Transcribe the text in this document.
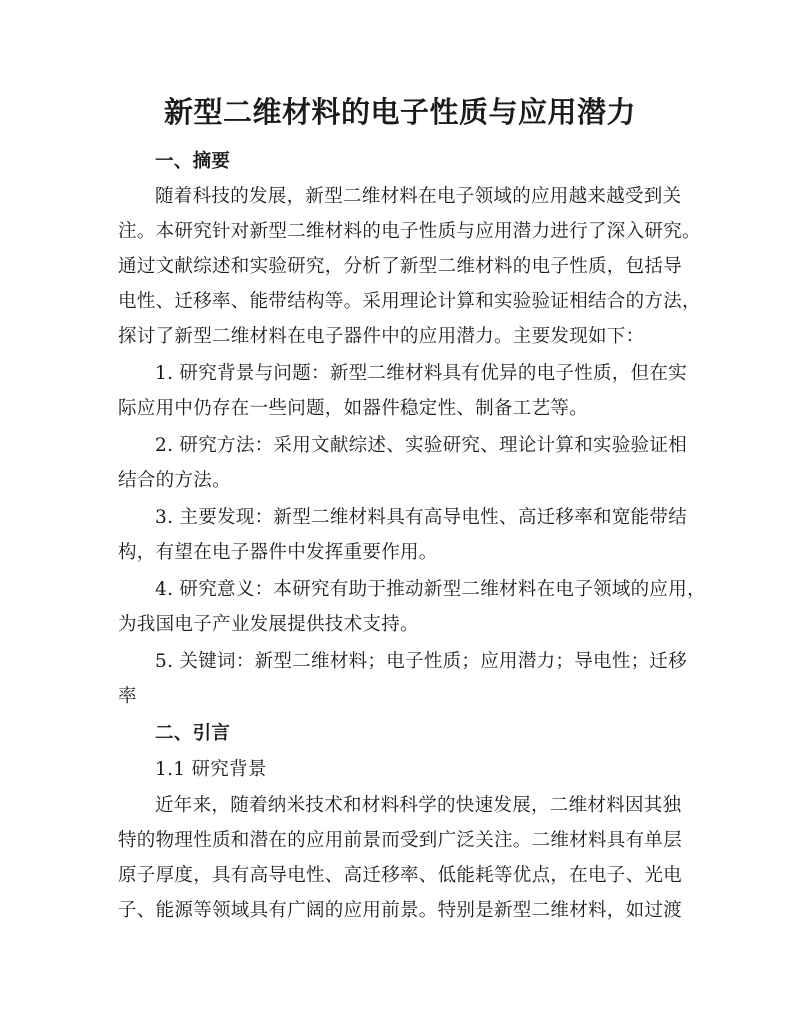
新型二维材料的电子性质与应用潜力
一、摘要
随着科技的发展，新型二维材料在电子领域的应用越来越受到关
注。本研究针对新型二维材料的电子性质与应用潜力进行了深入研究。
通过文献综述和实验研究，分析了新型二维材料的电子性质，包括导
电性、迁移率、能带结构等。采用理论计算和实验验证相结合的方法，
探讨了新型二维材料在电子器件中的应用潜力。主要发现如下：
1. 研究背景与问题：新型二维材料具有优异的电子性质，但在实
际应用中仍存在一些问题，如器件稳定性、制备工艺等。
2. 研究方法：采用文献综述、实验研究、理论计算和实验验证相
结合的方法。
3. 主要发现：新型二维材料具有高导电性、高迁移率和宽能带结
构，有望在电子器件中发挥重要作用。
4. 研究意义：本研究有助于推动新型二维材料在电子领域的应用，
为我国电子产业发展提供技术支持。
5. 关键词：新型二维材料；电子性质；应用潜力；导电性；迁移
率
二、引言
1.1 研究背景
近年来，随着纳米技术和材料科学的快速发展，二维材料因其独
特的物理性质和潜在的应用前景而受到广泛关注。二维材料具有单层
原子厚度，具有高导电性、高迁移率、低能耗等优点，在电子、光电
子、能源等领域具有广阔的应用前景。特别是新型二维材料，如过渡
